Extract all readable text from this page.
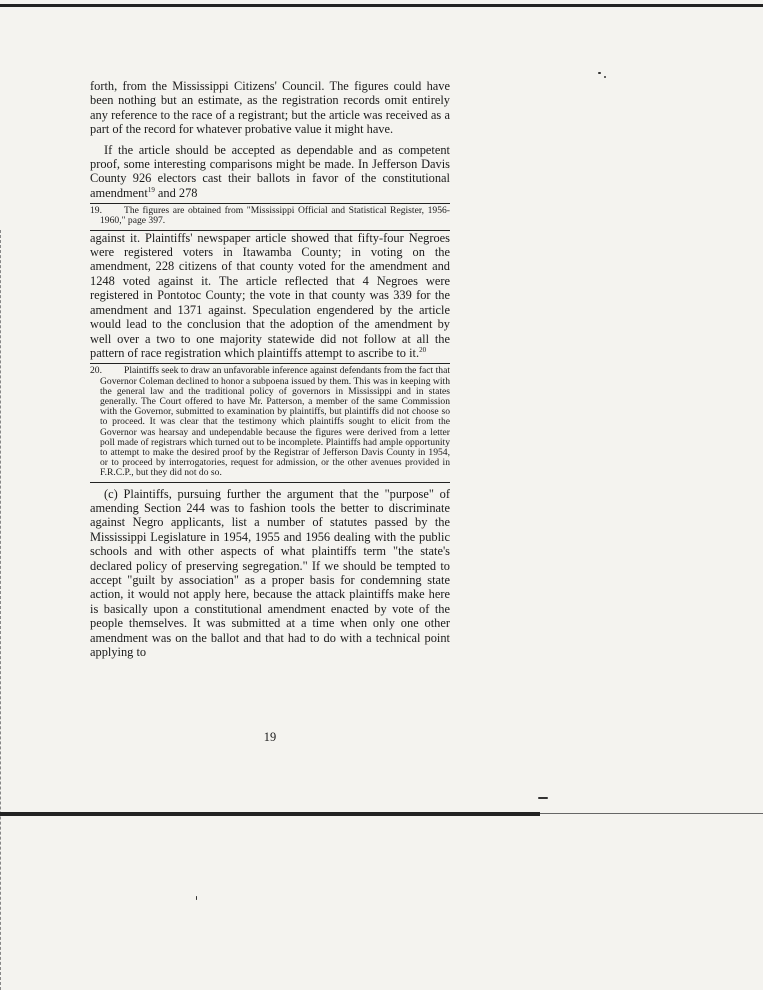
forth, from the Mississippi Citizens' Council. The figures could have been nothing but an estimate, as the registration records omit entirely any reference to the race of a registrant; but the article was received as a part of the record for whatever probative value it might have.

If the article should be accepted as dependable and as competent proof, some interesting comparisons might be made. In Jefferson Davis County 926 electors cast their ballots in favor of the constitutional amendment$^{19}$ and 278

19. The figures are obtained from "Mississippi Official and Statistical Register, 1956-1960," page 397.

against it. Plaintiffs' newspaper article showed that fifty-four Negroes were registered voters in Itawamba County; in voting on the amendment, 228 citizens of that county voted for the amendment and 1248 voted against it. The article reflected that 4 Negroes were registered in Pontotoc County; the vote in that county was 339 for the amendment and 1371 against. Speculation engendered by the article would lead to the conclusion that the adoption of the amendment by well over a two to one majority statewide did not follow at all the pattern of race registration which plaintiffs attempt to ascribe to it.$^{20}$

20. Plaintiffs seek to draw an unfavorable inference against defendants from the fact that Governor Coleman declined to honor a subpoena issued by them. This was in keeping with the general law and the traditional policy of governors in Mississippi and in states generally. The Court offered to have Mr. Patterson, a member of the same Commission with the Governor, submitted to examination by plaintiffs, but plaintiffs did not choose so to proceed. It was clear that the testimony which plaintiffs sought to elicit from the Governor was hearsay and undependable because the figures were derived from a letter poll made of registrars which turned out to be incomplete. Plaintiffs had ample opportunity to attempt to make the desired proof by the Registrar of Jefferson Davis County in 1954, or to proceed by interrogatories, request for admission, or the other avenues provided in F.R.C.P., but they did not do so.

(c) Plaintiffs, pursuing further the argument that the "purpose" of amending Section 244 was to fashion tools the better to discriminate against Negro applicants, list a number of statutes passed by the Mississippi Legislature in 1954, 1955 and 1956 dealing with the public schools and with other aspects of what plaintiffs term "the state's declared policy of preserving segregation." If we should be tempted to accept "guilt by association" as a proper basis for condemning state action, it would not apply here, because the attack plaintiffs make here is basically upon a constitutional amendment enacted by vote of the people themselves. It was submitted at a time when only one other amendment was on the ballot and that had to do with a technical point applying to

19
